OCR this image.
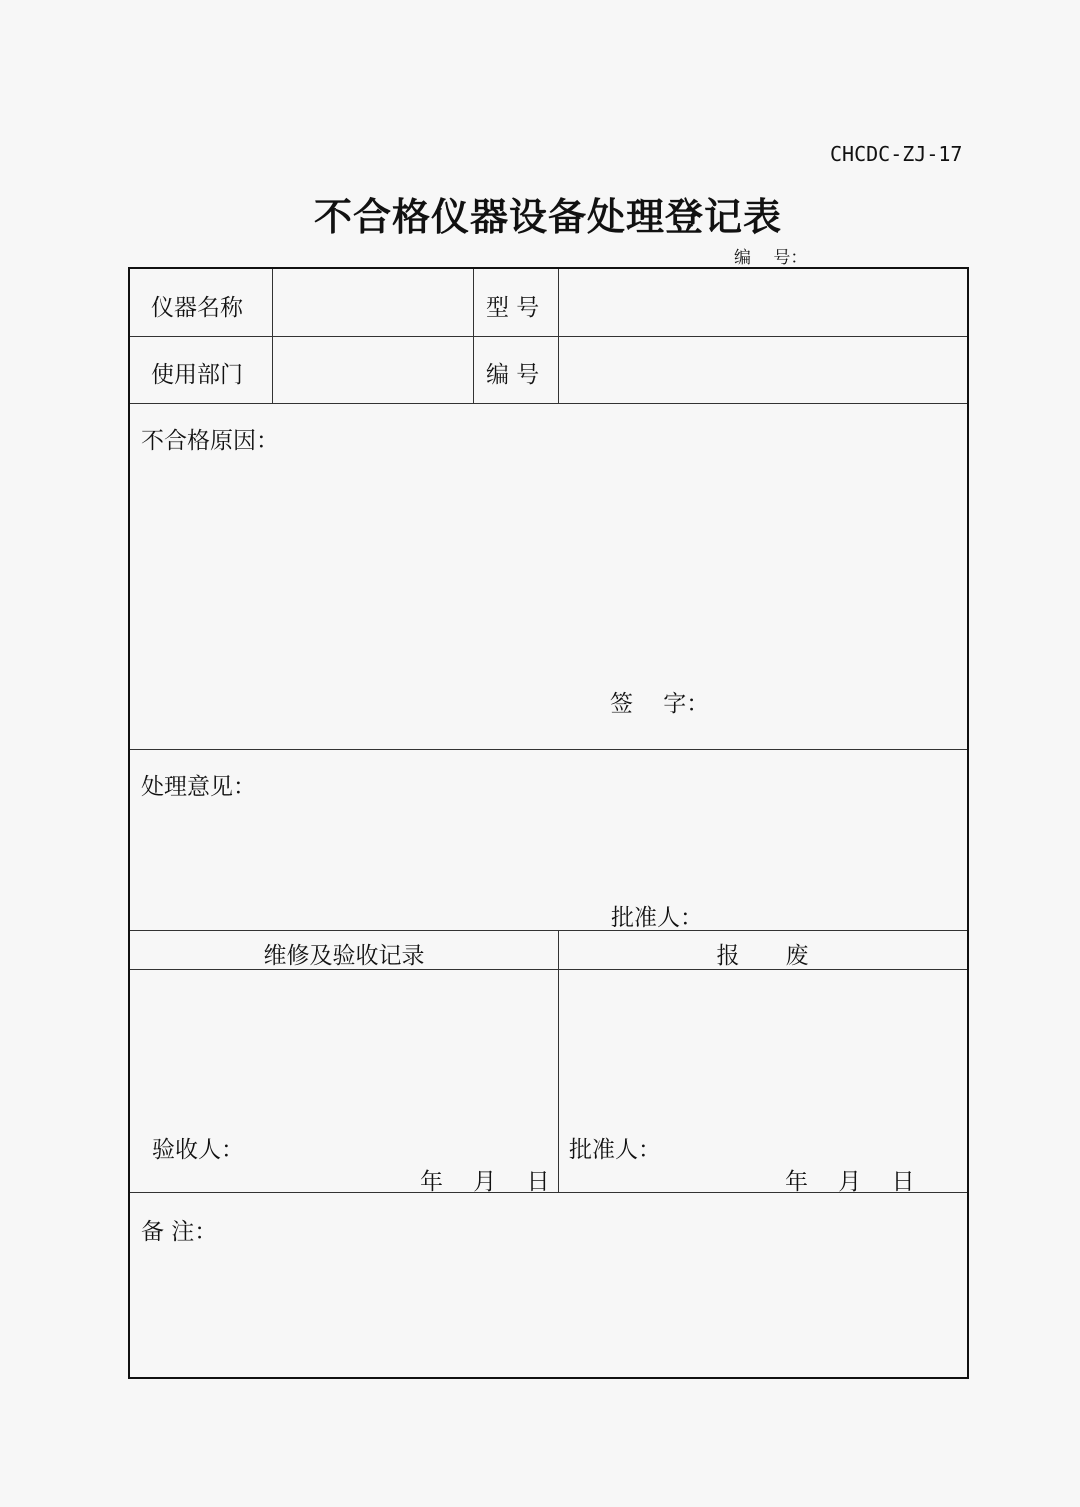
CHCDC-ZJ-17
不合格仪器设备处理登记表
编　 号：
仪器名称	型 号
使用部门	编 号
不合格原因：
签　 字：
处理意见：
批准人：
维修及验收记录	报　　废
验收人：
年　 月　 日
批准人：
年　 月　 日
备 注：
